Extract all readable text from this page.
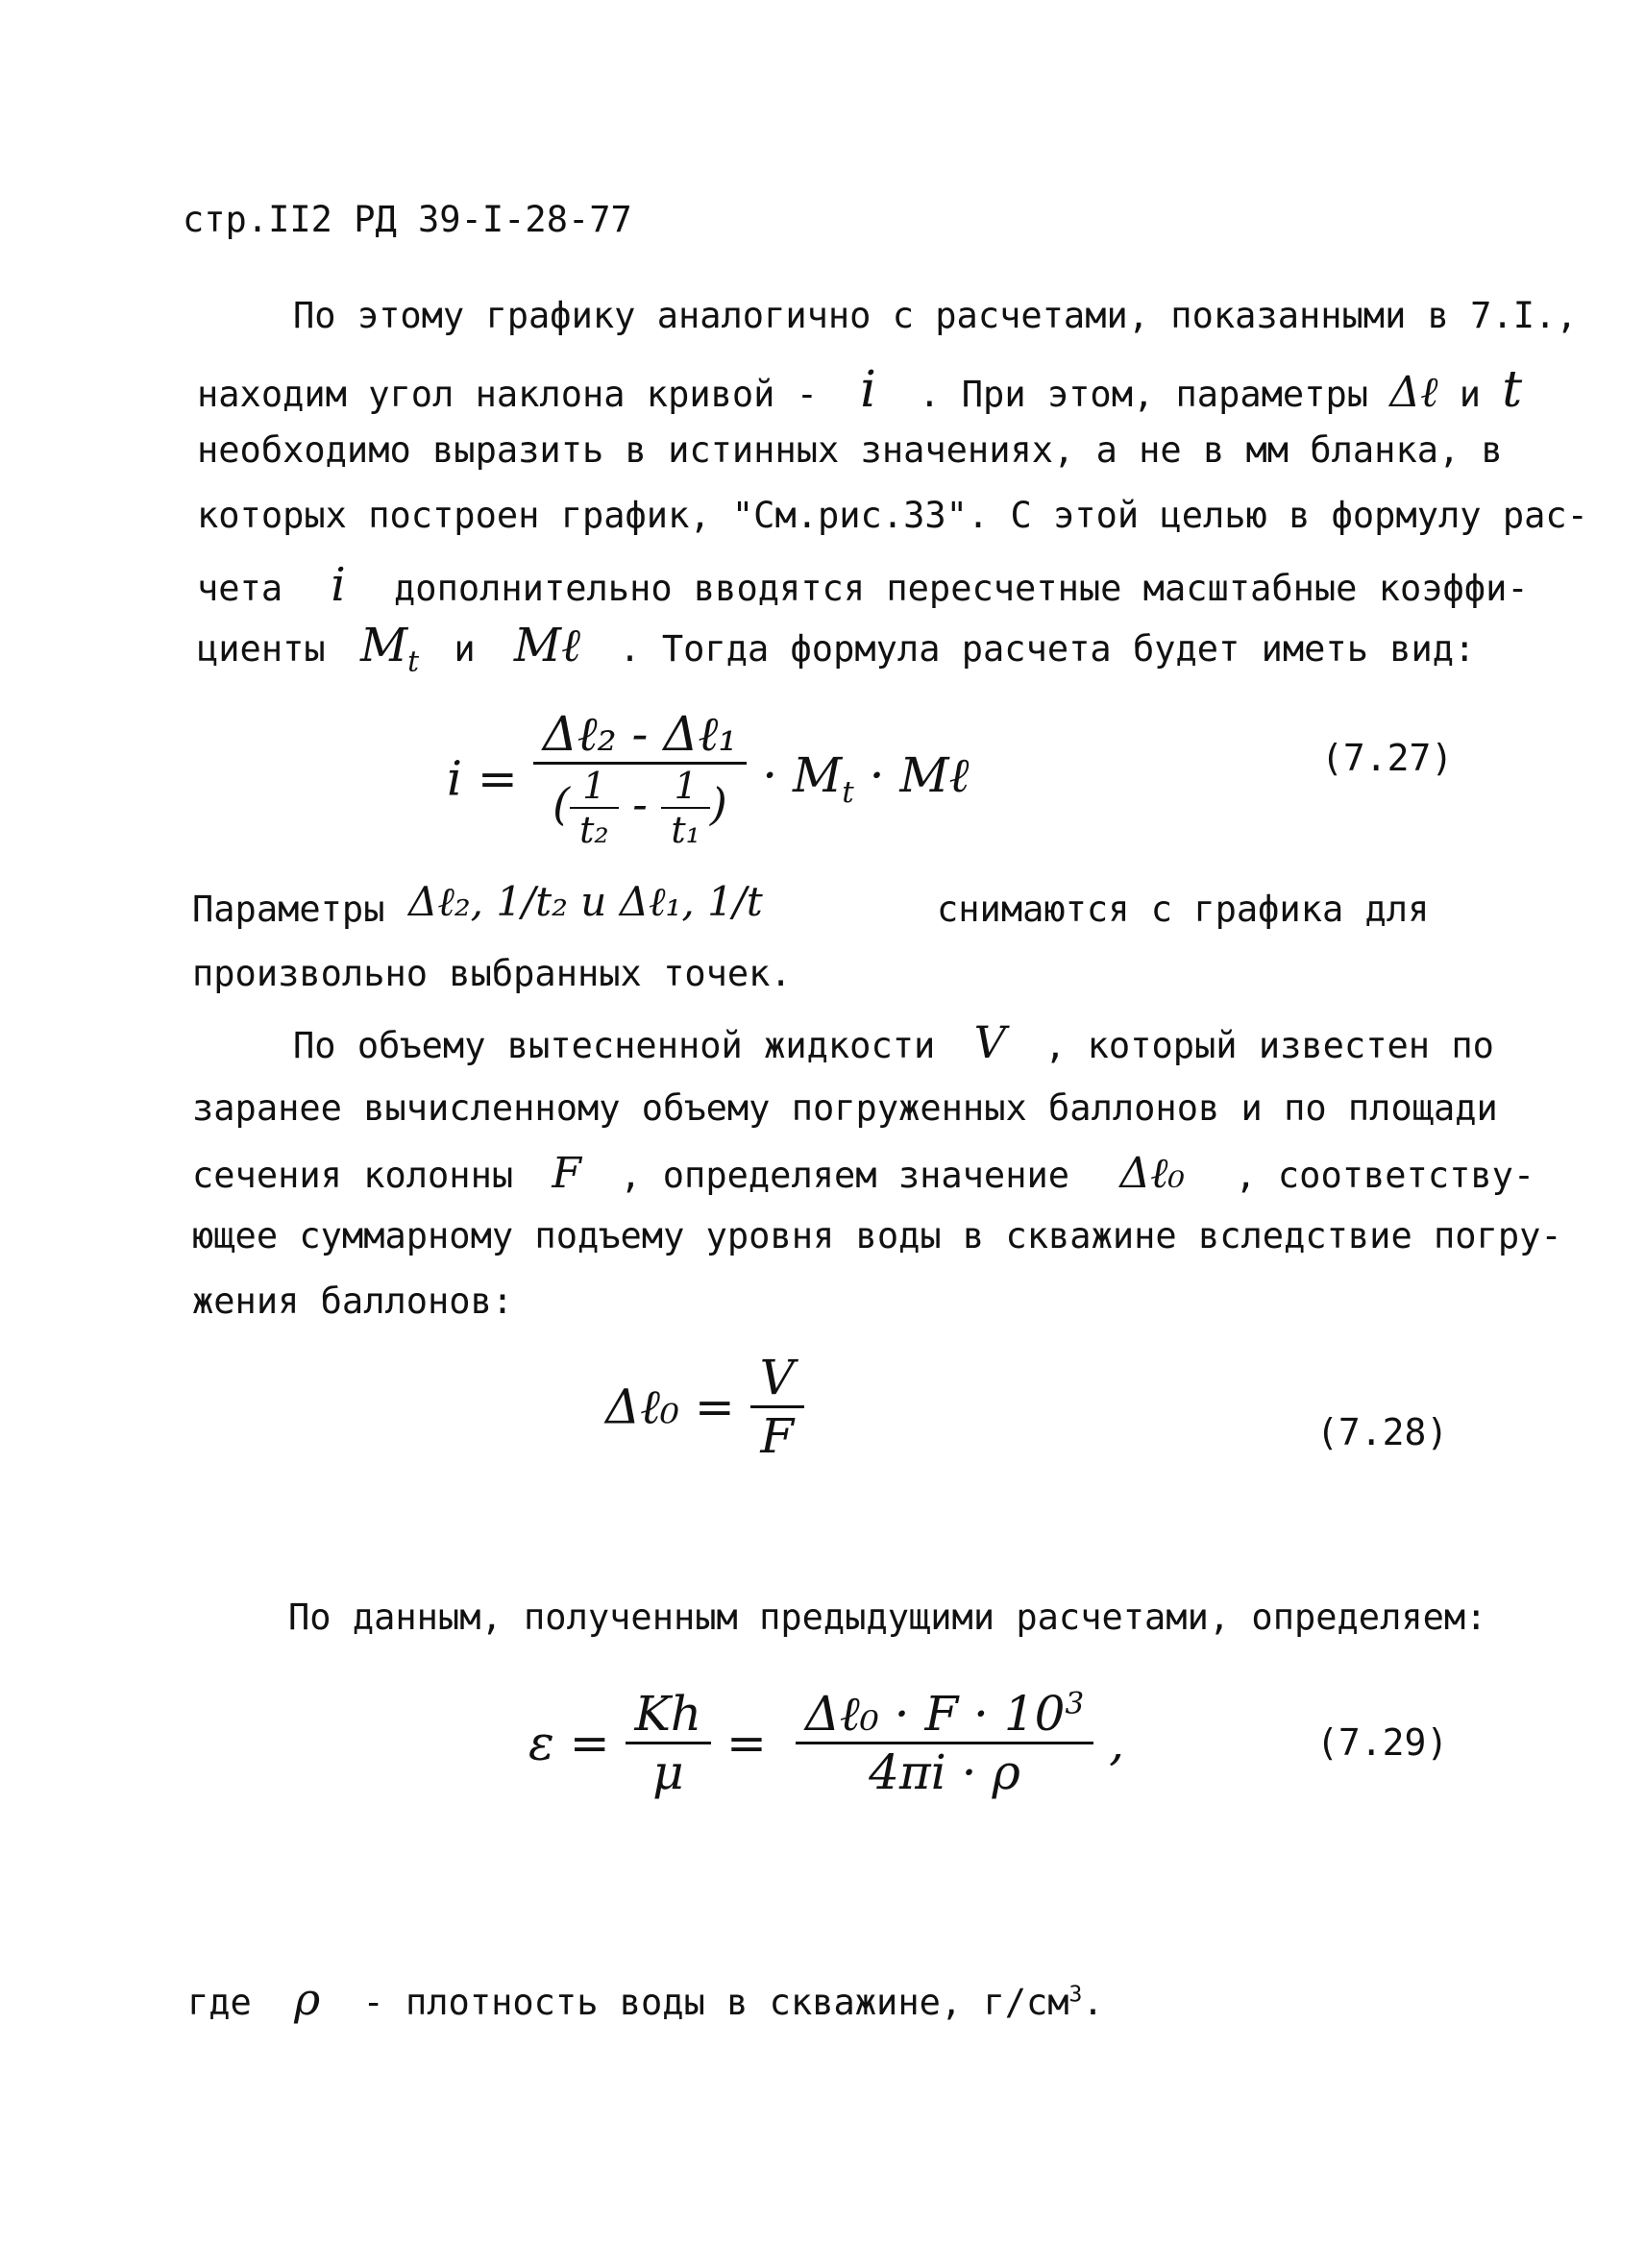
стр.II2 РД 39-I-28-77
По этому графику аналогично с расчетами, показанными в 7.I.,
находим угол наклона кривой - i . При этом, параметры Δℓ и t
необходимо выразить в истинных значениях, а не в мм бланка, в
которых построен график, "См.рис.33". С этой целью в формулу рас-
чета i дополнительно вводятся пересчетные масштабные коэффи-
циенты $M_t$ и Mℓ . Тогда формула расчета будет иметь вид:
$i = \frac{\text{Δℓ₂ - Δℓ₁}}{( \frac{1}{\text{t₂}} - \frac{1}{\text{t₁}} )} \cdot M_t$ · Mℓ	(7.27)
Параметры Δℓ₂, 1/t₂ и Δℓ₁, 1/t	снимаются с графика для
произвольно выбранных точек.
По объему вытесненной жидкости V , который известен по
заранее вычисленному объему погруженных баллонов и по площади
сечения колонны F , определяем значение Δℓ₀ , соответству-
ющее суммарному подъему уровня воды в скважине вследствие погру-
жения баллонов:
Δℓ₀ = $\frac{V}{F}$	(7.28)
По данным, полученным предыдущими расчетами, определяем:
$\varepsilon = \frac{Kh}{\mu} = \frac{\Delta\ell_0 \cdot F \cdot 10^3}{4\pi i \cdot \rho}$ ,	(7.29)
где ρ - плотность воды в скважине, $г/см^3$.
